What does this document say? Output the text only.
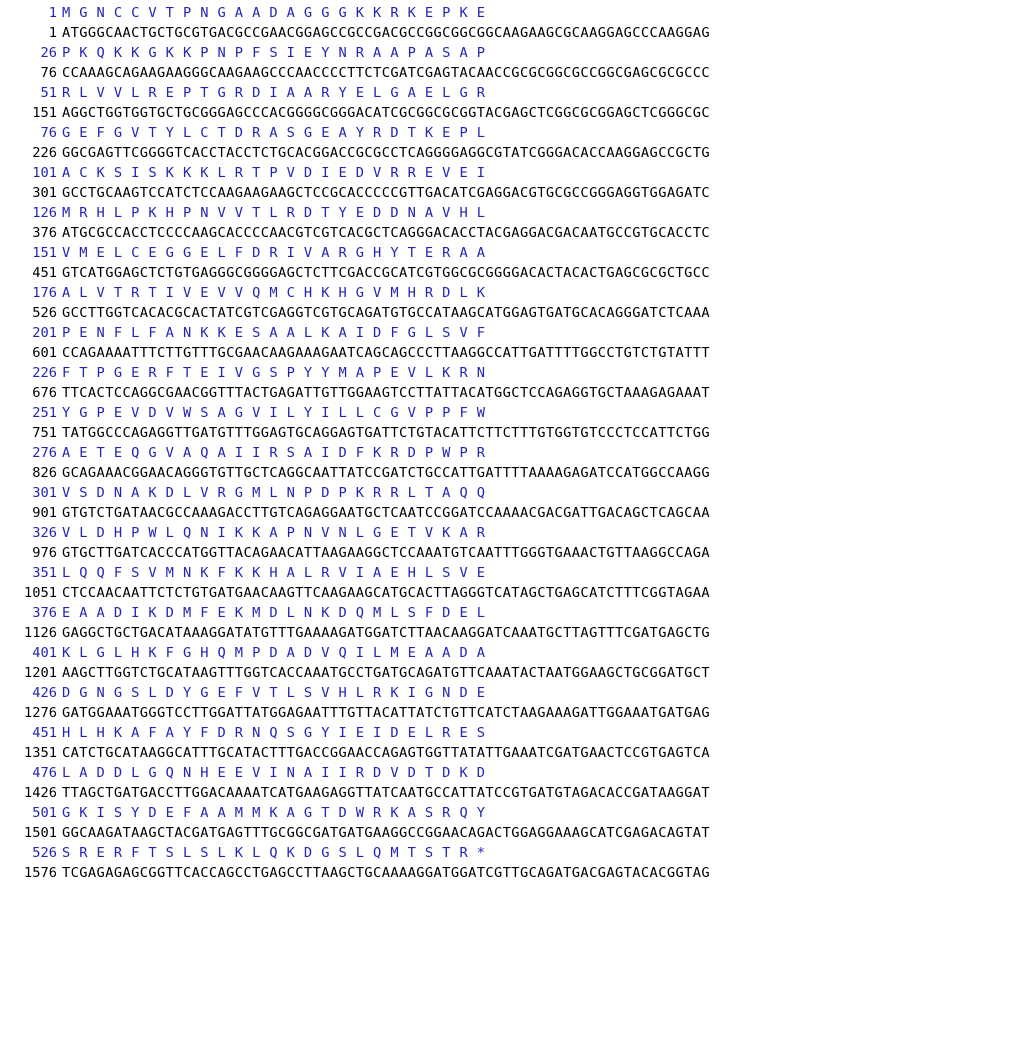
1 M G N C C V T P N G A A D A G G G K K R K E P K E
1 ATGGGCAACTGCTGCGTGACGCCGAACGGAGCCGCCGACGCCGGCGGCGGCAAGAAGCGCAAGGAGCCCAAGGAG
26 P K Q K K G K K P N P F S I E Y N R A A P A S A P
76 CCAAAGCAGAAGAAGGGCAAGAAGCCCAACCCCTTCTCGATCGAGTACAACCGCGCGGCGCCGGCGAGCGCGCCC
51 R L V V L R E P T G R D I A A R Y E L G A E L G R
151 AGGCTGGTGGTGCTGCGGGAGCCCACGGGGCGGGACATCGCGGCGCGGTACGAGCTCGGCGCGGAGCTCGGGCGC
76 G E F G V T Y L C T D R A S G E A Y R D T K E P L
226 GGCGAGTTCGGGGTCACCTACCTCTGCACGGACCGCGCCTCAGGGGAGGCGTATCGGGACACCAAGGAGCCGCTG
101 A C K S I S K K K L R T P V D I E D V R R E V E I
301 GCCTGCAAGTCCATCTCCAAGAAGAAGCTCCGCACCCCCGTTGACATCGAGGACGTGCGCCGGGAGGTGGAGATC
126 M R H L P K H P N V V T L R D T Y E D D N A V H L
376 ATGCGCCACCTCCCCAAGCACCCCAACGTCGTCACGCTCAGGGACACCTACGAGGACGACAATGCCGTGCACCTC
151 V M E L C E G G E L F D R I V A R G H Y T E R A A
451 GTCATGGAGCTCTGTGAGGGCGGGGAGCTCTTCGACCGCATCGTGGCGCGGGGACACTACACTGAGCGCGCTGCC
176 A L V T R T I V E V V Q M C H K H G V M H R D L K
526 GCCTTGGTCACACGCACTATCGTCGAGGTCGTGCAGATGTGCCATAAGCATGGAGTGATGCACAGGGATCTCAAA
201 P E N F L F A N K K E S A A L K A I D F G L S V F
601 CCAGAAAATTTCTTGTTTGCGAACAAGAAAGAATCAGCAGCCCTTAAGGCCATTGATTTTGGCCTGTCTGTATTT
226 F T P G E R F T E I V G S P Y Y M A P E V L K R N
676 TTCACTCCAGGCGAACGGTTTACTGAGATTGTTGGAAGTCCTTATTACATGGCTCCAGAGGTGCTAAAGAGAAAT
251 Y G P E V D V W S A G V I L Y I L L C G V P P F W
751 TATGGCCCAGAGGTTGATGTTTGGAGTGCAGGAGTGATTCTGTACATTCTTCTTTGTGGTGTCCCTCCATTCTGG
276 A E T E Q G V A Q A I I R S A I D F K R D P W P R
826 GCAGAAACGGAACAGGGTGTTGCTCAGGCAATTATCCGATCTGCCATTGATTTTAAAAGAGATCCATGGCCAAGG
301 V S D N A K D L V R G M L N P D P K R R L T A Q Q
901 GTGTCTGATAACGCCAAAGACCTTGTCAGAGGAATGCTCAATCCGGATCCAAAACGACGATTGACAGCTCAGCAA
326 V L D H P W L Q N I K K A P N V N L G E T V K A R
976 GTGCTTGATCACCCATGGTTACAGAACATTAAGAAGGCTCCAAATGTCAATTTGGGTGAAACTGTTAAGGCCAGA
351 L Q Q F S V M N K F K K H A L R V I A E H L S V E
1051 CTCCAACAATTCTCTGTGATGAACAAGTTCAAGAAGCATGCACTTAGGGTCATAGCTGAGCATCTTTCGGTAGAA
376 E A A D I K D M F E K M D L N K D Q M L S F D E L
1126 GAGGCTGCTGACATAAAGGATATGTTTGAAAAGATGGATCTTAACAAGGATCAAATGCTTAGTTTCGATGAGCTG
401 K L G L H K F G H Q M P D A D V Q I L M E A A D A
1201 AAGCTTGGTCTGCATAAGTTTGGTCACCAAATGCCTGATGCAGATGTTCAAATACTAATGGAAGCTGCGGATGCT
426 D G N G S L D Y G E F V T L S V H L R K I G N D E
1276 GATGGAAATGGGTCCTTGGATTATGGAGAATTTGTTACATTATCTGTTCATCTAAGAAAGATTGGAAATGATGAG
451 H L H K A F A Y F D R N Q S G Y I E I D E L R E S
1351 CATCTGCATAAGGCATTTGCATACTTTGACCGGAACCAGAGTGGTTATATTGAAATCGATGAACTCCGTGAGTCA
476 L A D D L G Q N H E E V I N A I I R D V D T D K D
1426 TTAGCTGATGACCTTGGACAAAATCATGAAGAGGTTATCAATGCCATTATCCGTGATGTAGACACCGATAAGGAT
501 G K I S Y D E F A A M M K A G T D W R K A S R Q Y
1501 GGCAAGATAAGCTACGATGAGTTTGCGGCGATGATGAAGGCCGGAACAGACTGGAGGAAAGCATCGAGACAGTAT
526 S R E R F T S L S L K L Q K D G S L Q M T S T R *
1576 TCGAGAGAGCGGTTCACCAGCCTGAGCCTTAAGCTGCAAAAGGATGGATCGTTGCAGATGACGAGTACACGGTAG
